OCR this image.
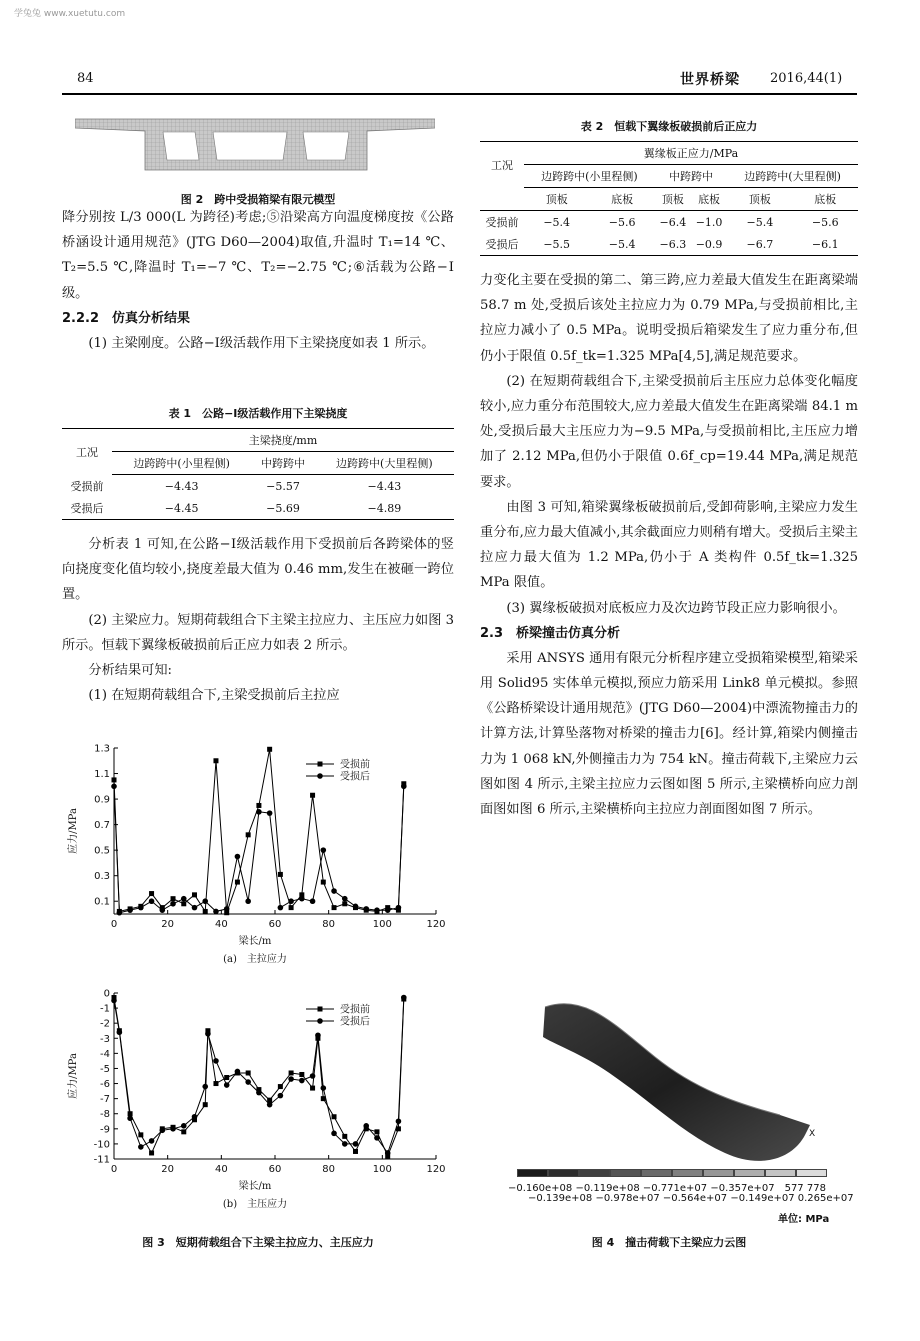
学兔兔 www.xuetutu.com
84	世界桥梁 2016,44(1)
图 2　跨中受损箱梁有限元模型

降分别按 L/3 000(L 为跨径)考虑;⑤沿梁高方向温度梯度按《公路桥涵设计通用规范》(JTG D60—2004)取值,升温时 T₁=14 ℃、T₂=5.5 ℃,降温时 T₁=−7 ℃、T₂=−2.75 ℃;⑥活载为公路−Ⅰ级。

2.2.2　仿真分析结果

(1) 主梁刚度。公路−Ⅰ级活载作用下主梁挠度如表 1 所示。

表 1　公路−Ⅰ级活载作用下主梁挠度
工况	主梁挠度/mm		
	边跨跨中(小里程侧)	中跨跨中	边跨跨中(大里程侧)
受损前	−4.43	−5.57	−4.43
受损后	−4.45	−5.69	−4.89

分析表 1 可知,在公路−Ⅰ级活载作用下受损前后各跨梁体的竖向挠度变化值均较小,挠度差最大值为 0.46 mm,发生在被砸一跨位置。

(2) 主梁应力。短期荷载组合下主梁主拉应力、主压应力如图 3 所示。恒载下翼缘板破损前后正应力如表 2 所示。

分析结果可知:

(1) 在短期荷载组合下,主梁受损前后主拉应

0.1
0.3
0.5
0.7
0.9
1.1
1.3
0	20	40	60	80	100	120
应力/MPa
梁长/m
(a)　主拉应力
受损前
受损后
0
-1
-2
-3
-4
-5
-6
-7
-8
-9
-10
-11
0	20	40	60	80	100	120
应力/MPa
梁长/m
(b)　主压应力
受损前
受损后
图 3　短期荷载组合下主梁主拉应力、主压应力
表 2　恒载下翼缘板破损前后正应力
工况	翼缘板正应力/MPa					
	边跨跨中(小里程侧)		中跨跨中		边跨跨中(大里程侧)	
	顶板	底板	顶板	底板	顶板	底板
受损前	−5.4	−5.6	−6.4	−1.0	−5.4	−5.6
受损后	−5.5	−5.4	−6.3	−0.9	−6.7	−6.1

力变化主要在受损的第二、第三跨,应力差最大值发生在距离梁端 58.7 m 处,受损后该处主拉应力为 0.79 MPa,与受损前相比,主拉应力减小了 0.5 MPa。说明受损后箱梁发生了应力重分布,但仍小于限值 0.5f_tk=1.325 MPa[4,5],满足规范要求。

(2) 在短期荷载组合下,主梁受损前后主压应力总体变化幅度较小,应力重分布范围较大,应力差最大值发生在距离梁端 84.1 m 处,受损后最大主压应力为−9.5 MPa,与受损前相比,主压应力增加了 2.12 MPa,但仍小于限值 0.6f_cp=19.44 MPa,满足规范要求。

由图 3 可知,箱梁翼缘板破损前后,受卸荷影响,主梁应力发生重分布,应力最大值减小,其余截面应力则稍有增大。受损后主梁主拉应力最大值为 1.2 MPa,仍小于 A 类构件 0.5f_tk=1.325 MPa 限值。

(3) 翼缘板破损对底板应力及次边跨节段正应力影响很小。

2.3　桥梁撞击仿真分析

采用 ANSYS 通用有限元分析程序建立受损箱梁模型,箱梁采用 Solid95 实体单元模拟,预应力筋采用 Link8 单元模拟。参照《公路桥梁设计通用规范》(JTG D60—2004)中漂流物撞击力的计算方法,计算坠落物对桥梁的撞击力[6]。经计算,箱梁内侧撞击力为 1 068 kN,外侧撞击力为 754 kN。撞击荷载下,主梁应力云图如图 4 所示,主梁主拉应力云图如图 5 所示,主梁横桥向应力剖面图如图 6 所示,主梁横桥向主拉应力剖面图如图 7 所示。

X
−0.160e+08 −0.119e+08 −0.771e+07 −0.357e+07　577 778
−0.139e+08 −0.978e+07 −0.564e+07 −0.149e+07 0.265e+07
单位: MPa
图 4　撞击荷载下主梁应力云图
